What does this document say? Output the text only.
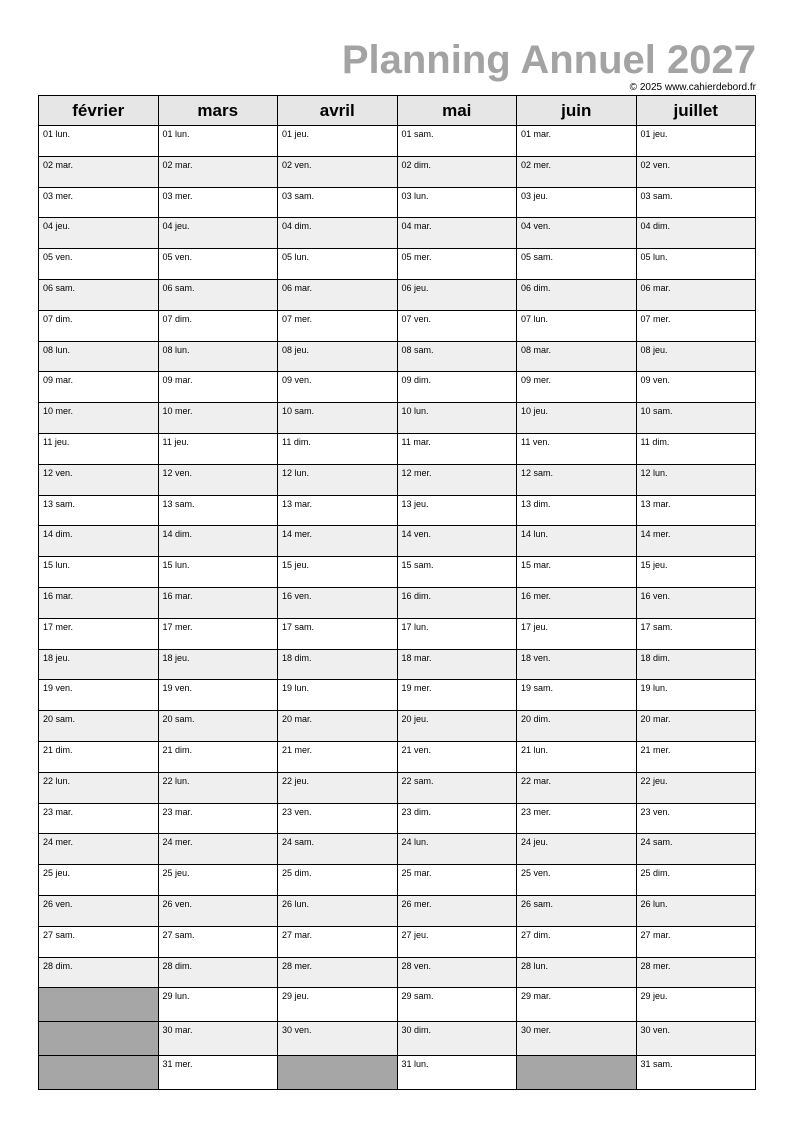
Planning Annuel 2027
© 2025 www.cahierdebord.fr
février	mars	avril	mai	juin	juillet
01 lun.	01 lun.	01 jeu.	01 sam.	01 mar.	01 jeu.
02 mar.	02 mar.	02 ven.	02 dim.	02 mer.	02 ven.
03 mer.	03 mer.	03 sam.	03 lun.	03 jeu.	03 sam.
04 jeu.	04 jeu.	04 dim.	04 mar.	04 ven.	04 dim.
05 ven.	05 ven.	05 lun.	05 mer.	05 sam.	05 lun.
06 sam.	06 sam.	06 mar.	06 jeu.	06 dim.	06 mar.
07 dim.	07 dim.	07 mer.	07 ven.	07 lun.	07 mer.
08 lun.	08 lun.	08 jeu.	08 sam.	08 mar.	08 jeu.
09 mar.	09 mar.	09 ven.	09 dim.	09 mer.	09 ven.
10 mer.	10 mer.	10 sam.	10 lun.	10 jeu.	10 sam.
11 jeu.	11 jeu.	11 dim.	11 mar.	11 ven.	11 dim.
12 ven.	12 ven.	12 lun.	12 mer.	12 sam.	12 lun.
13 sam.	13 sam.	13 mar.	13 jeu.	13 dim.	13 mar.
14 dim.	14 dim.	14 mer.	14 ven.	14 lun.	14 mer.
15 lun.	15 lun.	15 jeu.	15 sam.	15 mar.	15 jeu.
16 mar.	16 mar.	16 ven.	16 dim.	16 mer.	16 ven.
17 mer.	17 mer.	17 sam.	17 lun.	17 jeu.	17 sam.
18 jeu.	18 jeu.	18 dim.	18 mar.	18 ven.	18 dim.
19 ven.	19 ven.	19 lun.	19 mer.	19 sam.	19 lun.
20 sam.	20 sam.	20 mar.	20 jeu.	20 dim.	20 mar.
21 dim.	21 dim.	21 mer.	21 ven.	21 lun.	21 mer.
22 lun.	22 lun.	22 jeu.	22 sam.	22 mar.	22 jeu.
23 mar.	23 mar.	23 ven.	23 dim.	23 mer.	23 ven.
24 mer.	24 mer.	24 sam.	24 lun.	24 jeu.	24 sam.
25 jeu.	25 jeu.	25 dim.	25 mar.	25 ven.	25 dim.
26 ven.	26 ven.	26 lun.	26 mer.	26 sam.	26 lun.
27 sam.	27 sam.	27 mar.	27 jeu.	27 dim.	27 mar.
28 dim.	28 dim.	28 mer.	28 ven.	28 lun.	28 mer.
	29 lun.	29 jeu.	29 sam.	29 mar.	29 jeu.
	30 mar.	30 ven.	30 dim.	30 mer.	30 ven.
	31 mer.		31 lun.		31 sam.
